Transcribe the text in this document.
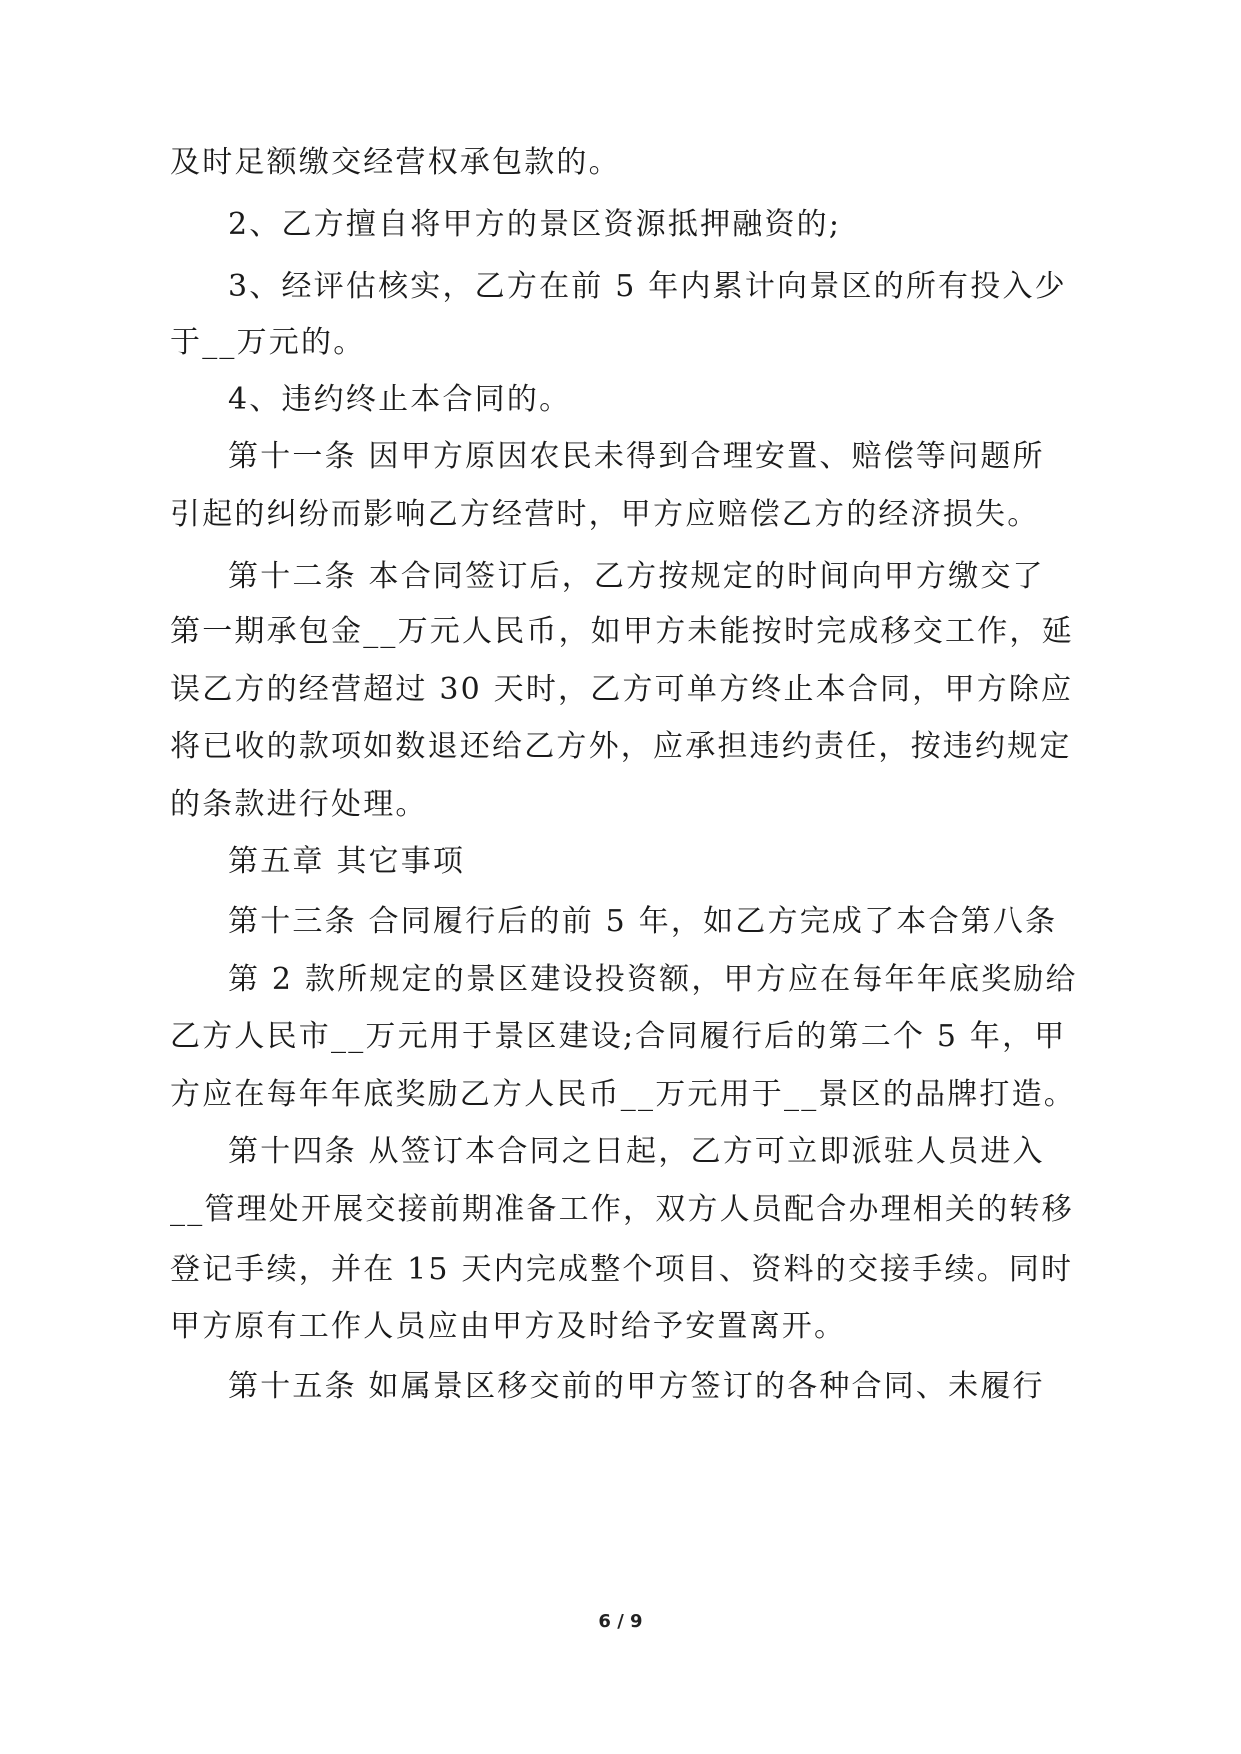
及时足额缴交经营权承包款的。
2、乙方擅自将甲方的景区资源抵押融资的;
3、经评估核实，乙方在前 5 年内累计向景区的所有投入少
于__万元的。
4、违约终止本合同的。
第十一条 因甲方原因农民未得到合理安置、赔偿等问题所
引起的纠纷而影响乙方经营时，甲方应赔偿乙方的经济损失。
第十二条 本合同签订后，乙方按规定的时间向甲方缴交了
第一期承包金__万元人民币，如甲方未能按时完成移交工作，延
误乙方的经营超过 30 天时，乙方可单方终止本合同，甲方除应
将已收的款项如数退还给乙方外，应承担违约责任，按违约规定
的条款进行处理。
第五章 其它事项
第十三条 合同履行后的前 5 年，如乙方完成了本合第八条
第 2 款所规定的景区建设投资额，甲方应在每年年底奖励给
乙方人民市__万元用于景区建设;合同履行后的第二个 5 年，甲
方应在每年年底奖励乙方人民币__万元用于__景区的品牌打造。
第十四条 从签订本合同之日起，乙方可立即派驻人员进入
__管理处开展交接前期准备工作，双方人员配合办理相关的转移
登记手续，并在 15 天内完成整个项目、资料的交接手续。同时
甲方原有工作人员应由甲方及时给予安置离开。
第十五条 如属景区移交前的甲方签订的各种合同、未履行
6 / 9
